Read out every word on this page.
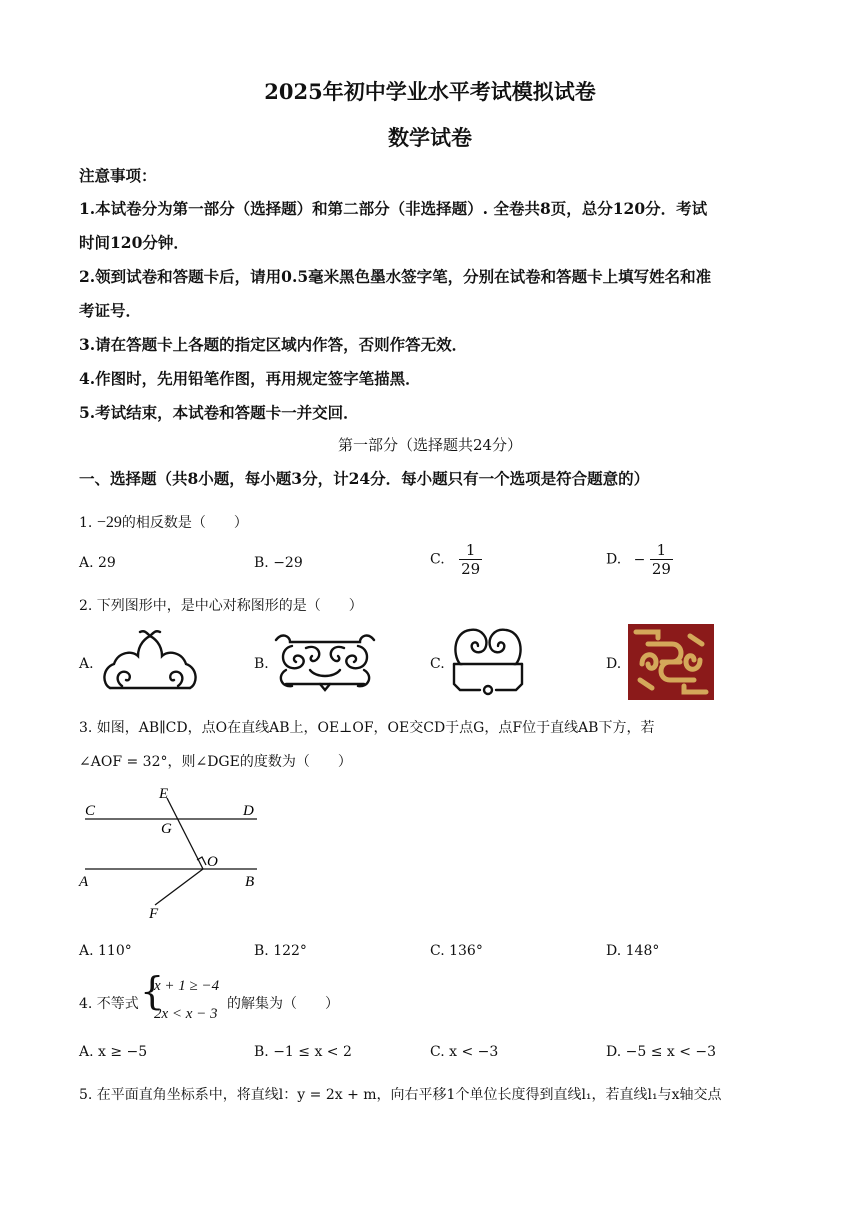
2025年初中学业水平考试模拟试卷
数学试卷
注意事项：
1.本试卷分为第一部分（选择题）和第二部分（非选择题）. 全卷共8页，总分120分．考试
时间120分钟．
2.领到试卷和答题卡后，请用0.5毫米黑色墨水签字笔，分别在试卷和答题卡上填写姓名和准
考证号．
3.请在答题卡上各题的指定区域内作答，否则作答无效．
4.作图时，先用铅笔作图，再用规定签字笔描黑．
5.考试结束，本试卷和答题卡一并交回．
第一部分（选择题共24分）
一、选择题（共8小题，每小题3分，计24分．每小题只有一个选项是符合题意的）
1. −29的相反数是（　　）
A. 29	B. −29	C. $\frac{1}{29}$	D. − $\frac{1}{29}$
2. 下列图形中，是中心对称图形的是（　　）
A.	B.	C.	D.
3. 如图，AB∥CD，点O在直线AB上，OE⊥OF，OE交CD于点G，点F位于直线AB下方，若
∠AOF = 32°，则∠DGE的度数为（　　）
C	D
E
G
O
A	B
F
A. 110°	B. 122°	C. 136°	D. 148°
4. 不等式 {
x + 1 ≥ −4
2x < x − 3
的解集为（　　）
A. x ≥ −5	B. −1 ≤ x < 2	C. x < −3	D. −5 ≤ x < −3
5. 在平面直角坐标系中，将直线l：y = 2x + m，向右平移1个单位长度得到直线l₁，若直线l₁与x轴交点
